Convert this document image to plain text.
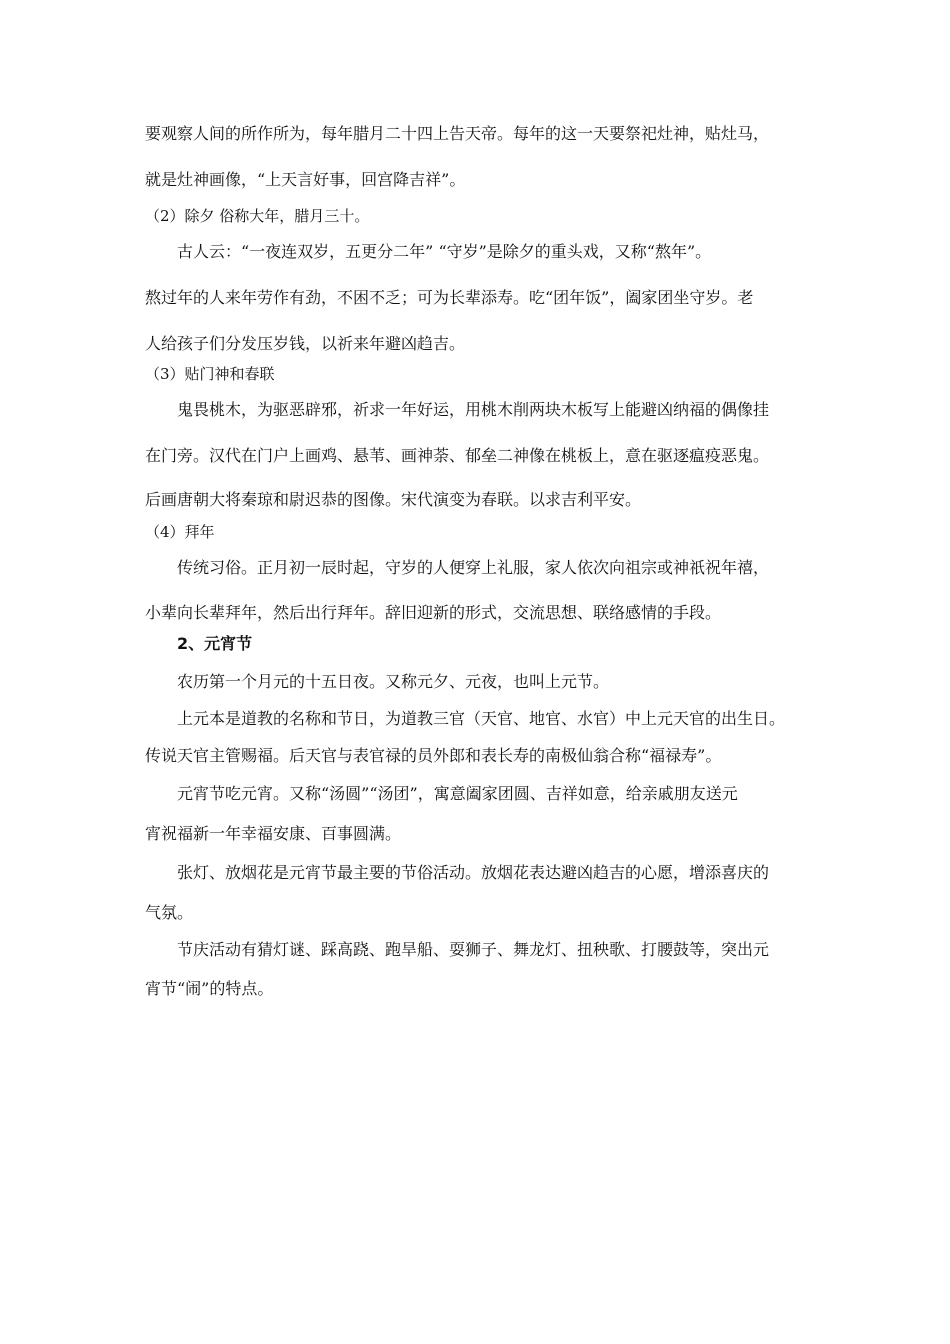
要观察人间的所作所为，每年腊月二十四上告天帝。每年的这一天要祭祀灶神，贴灶马，
就是灶神画像，“上天言好事，回宫降吉祥”。
（2）除夕 俗称大年，腊月三十。
古人云：“一夜连双岁，五更分二年” “守岁”是除夕的重头戏，又称“熬年”。
熬过年的人来年劳作有劲，不困不乏；可为长辈添寿。吃“团年饭”，阖家团坐守岁。老
人给孩子们分发压岁钱，以祈来年避凶趋吉。
（3）贴门神和春联
鬼畏桃木，为驱恶辟邪，祈求一年好运，用桃木削两块木板写上能避凶纳福的偶像挂
在门旁。汉代在门户上画鸡、悬苇、画神荼、郁垒二神像在桃板上，意在驱逐瘟疫恶鬼。
后画唐朝大将秦琼和尉迟恭的图像。宋代演变为春联。以求吉利平安。
（4）拜年
传统习俗。正月初一辰时起，守岁的人便穿上礼服，家人依次向祖宗或神祇祝年禧，
小辈向长辈拜年，然后出行拜年。辞旧迎新的形式，交流思想、联络感情的手段。
2、元宵节
农历第一个月元的十五日夜。又称元夕、元夜，也叫上元节。
上元本是道教的名称和节日，为道教三官（天官、地官、水官）中上元天官的出生日。
传说天官主管赐福。后天官与表官禄的员外郎和表长寿的南极仙翁合称“福禄寿”。
元宵节吃元宵。又称“汤圆”“汤团”，寓意阖家团圆、吉祥如意，给亲戚朋友送元
宵祝福新一年幸福安康、百事圆满。
张灯、放烟花是元宵节最主要的节俗活动。放烟花表达避凶趋吉的心愿，增添喜庆的
气氛。
节庆活动有猜灯谜、踩高跷、跑旱船、耍狮子、舞龙灯、扭秧歌、打腰鼓等，突出元
宵节“闹”的特点。
